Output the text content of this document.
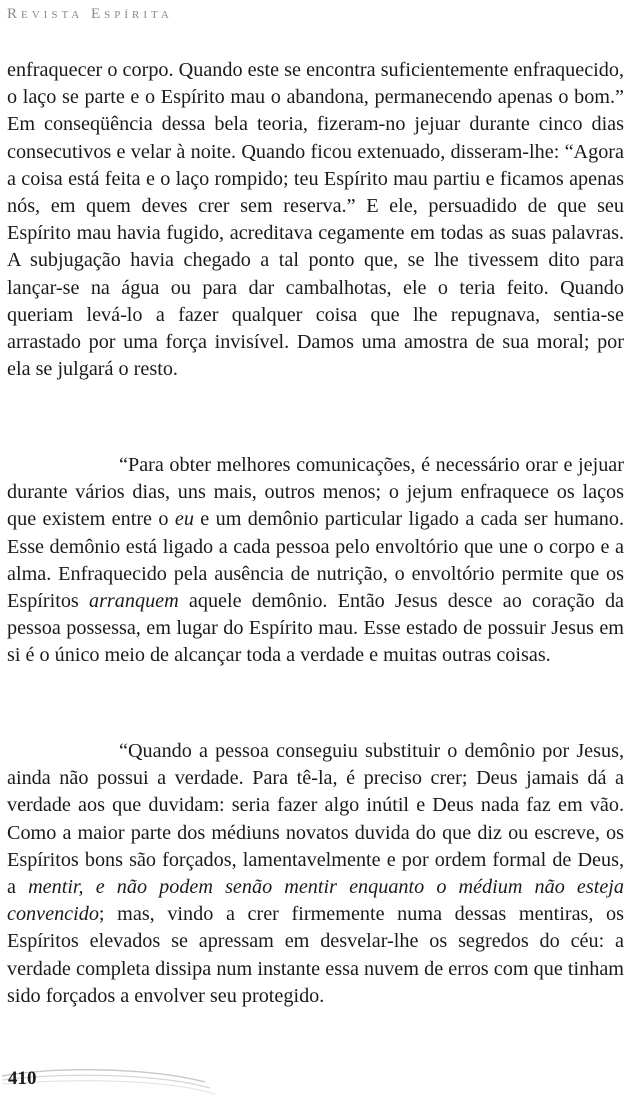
Revista Espírita
enfraquecer o corpo. Quando este se encontra suficientemente enfraquecido, o laço se parte e o Espírito mau o abandona, permanecendo apenas o bom.” Em conseqüência dessa bela teoria, fizeram-no jejuar durante cinco dias consecutivos e velar à noite. Quando ficou extenuado, disseram-lhe: “Agora a coisa está feita e o laço rompido; teu Espírito mau partiu e ficamos apenas nós, em quem deves crer sem reserva.” E ele, persuadido de que seu Espírito mau havia fugido, acreditava cegamente em todas as suas palavras. A subjugação havia chegado a tal ponto que, se lhe tivessem dito para lançar-se na água ou para dar cambalhotas, ele o teria feito. Quando queriam levá-lo a fazer qualquer coisa que lhe repugnava, sentia-se arrastado por uma força invisível. Damos uma amostra de sua moral; por ela se julgará o resto.
“Para obter melhores comunicações, é necessário orar e jejuar durante vários dias, uns mais, outros menos; o jejum enfraquece os laços que existem entre o eu e um demônio particular ligado a cada ser humano. Esse demônio está ligado a cada pessoa pelo envoltório que une o corpo e a alma. Enfraquecido pela ausência de nutrição, o envoltório permite que os Espíritos arranquem aquele demônio. Então Jesus desce ao coração da pessoa possessa, em lugar do Espírito mau. Esse estado de possuir Jesus em si é o único meio de alcançar toda a verdade e muitas outras coisas.
“Quando a pessoa conseguiu substituir o demônio por Jesus, ainda não possui a verdade. Para tê-la, é preciso crer; Deus jamais dá a verdade aos que duvidam: seria fazer algo inútil e Deus nada faz em vão. Como a maior parte dos médiuns novatos duvida do que diz ou escreve, os Espíritos bons são forçados, lamentavelmente e por ordem formal de Deus, a mentir, e não podem senão mentir enquanto o médium não esteja convencido; mas, vindo a crer firmemente numa dessas mentiras, os Espíritos elevados se apressam em desvelar-lhe os segredos do céu: a verdade completa dissipa num instante essa nuvem de erros com que tinham sido forçados a envolver seu protegido.
410
